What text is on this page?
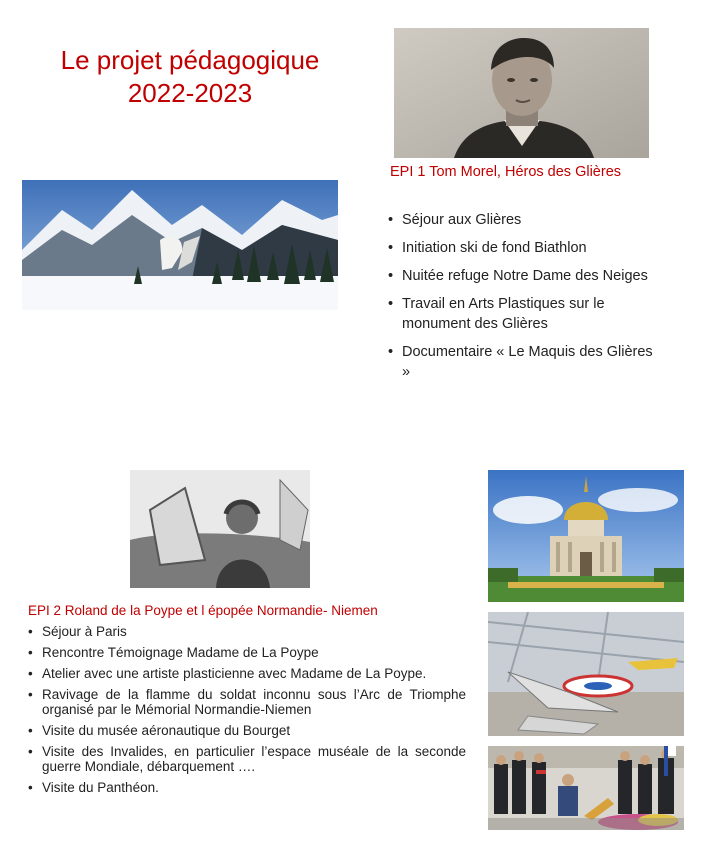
Le projet pédagogique
2022-2023
EPI 1 Tom Morel, Héros des Glières
• Séjour aux Glières
• Initiation ski de fond Biathlon
• Nuitée refuge Notre Dame des Neiges
• Travail en Arts Plastiques sur le monument des Glières
• Documentaire « Le Maquis des Glières »
EPI 2 Roland de la Poype et l épopée Normandie- Niemen
• Séjour à Paris
• Rencontre Témoignage Madame de La Poype
• Atelier avec une artiste plasticienne avec Madame de La Poype.
• Ravivage de la flamme du soldat inconnu sous l’Arc de Triomphe organisé par le Mémorial Normandie-Niemen
• Visite du musée aéronautique du Bourget
• Visite des Invalides, en particulier l’espace muséale de la seconde guerre Mondiale, débarquement ….
• Visite du Panthéon.
